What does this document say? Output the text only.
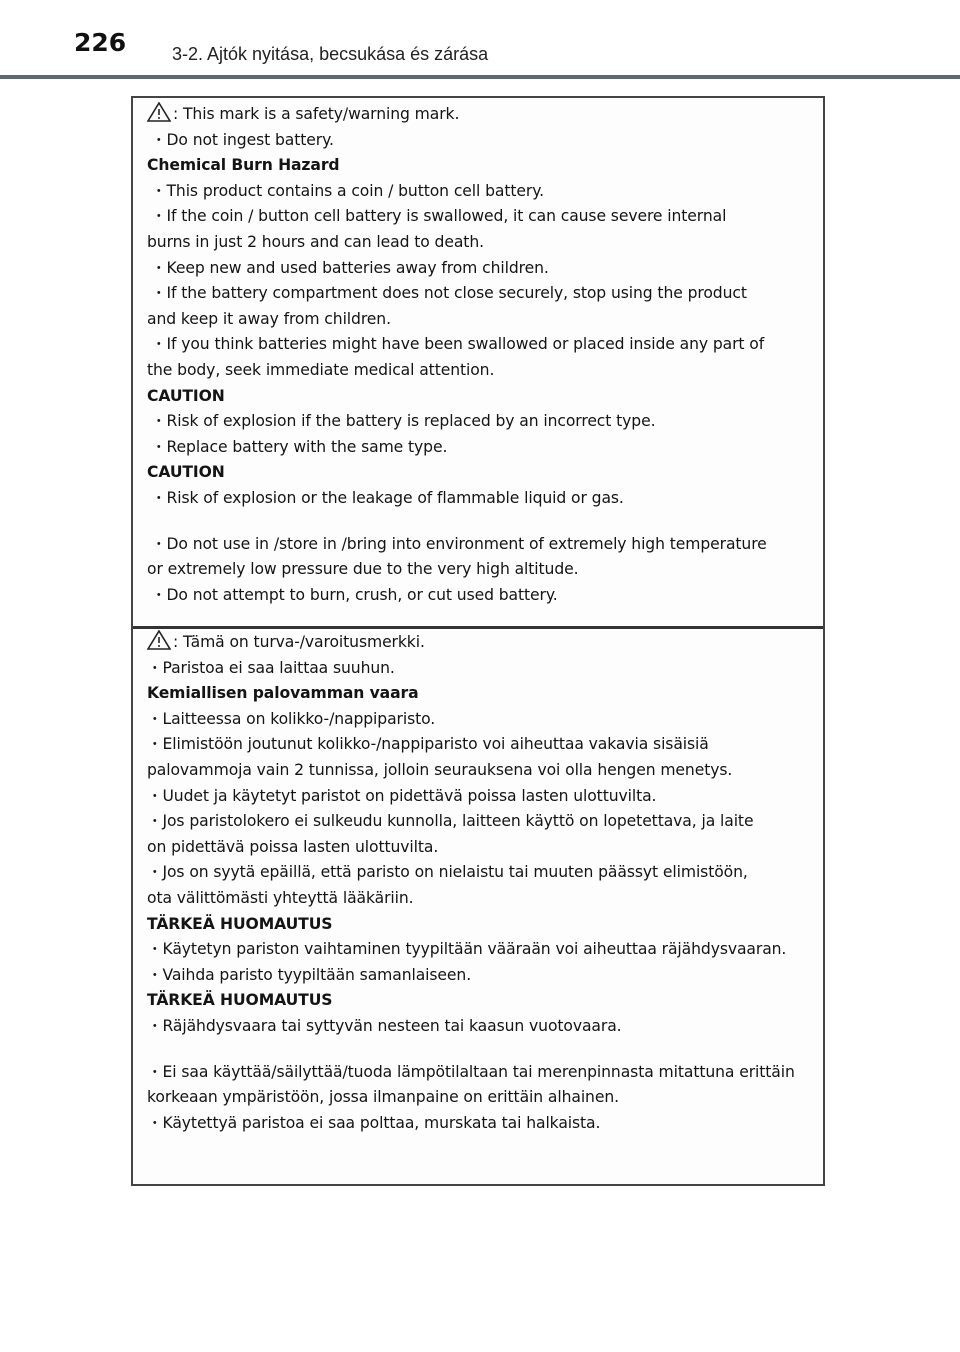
226	3-2. Ajtók nyitása, becsukása és zárása
: This mark is a safety/warning mark.
・Do not ingest battery.
Chemical Burn Hazard
・This product contains a coin / button cell battery.
・If the coin / button cell battery is swallowed, it can cause severe internal
burns in just 2 hours and can lead to death.
・Keep new and used batteries away from children.
・If the battery compartment does not close securely, stop using the product
and keep it away from children.
・If you think batteries might have been swallowed or placed inside any part of
the body, seek immediate medical attention.
CAUTION
・Risk of explosion if the battery is replaced by an incorrect type.
・Replace battery with the same type.
CAUTION
・Risk of explosion or the leakage of flammable liquid or gas.
・Do not use in /store in /bring into environment of extremely high temperature
or extremely low pressure due to the very high altitude.
・Do not attempt to burn, crush, or cut used battery.
: Tämä on turva-/varoitusmerkki.
・Paristoa ei saa laittaa suuhun.
Kemiallisen palovamman vaara
・Laitteessa on kolikko-/nappiparisto.
・Elimistöön joutunut kolikko-/nappiparisto voi aiheuttaa vakavia sisäisiä
palovammoja vain 2 tunnissa, jolloin seurauksena voi olla hengen menetys.
・Uudet ja käytetyt paristot on pidettävä poissa lasten ulottuvilta.
・Jos paristolokero ei sulkeudu kunnolla, laitteen käyttö on lopetettava, ja laite
on pidettävä poissa lasten ulottuvilta.
・Jos on syytä epäillä, että paristo on nielaistu tai muuten päässyt elimistöön,
ota välittömästi yhteyttä lääkäriin.
TÄRKEÄ HUOMAUTUS
・Käytetyn pariston vaihtaminen tyypiltään vääraän voi aiheuttaa räjähdysvaaran.
・Vaihda paristo tyypiltään samanlaiseen.
TÄRKEÄ HUOMAUTUS
・Räjähdysvaara tai syttyvän nesteen tai kaasun vuotovaara.
・Ei saa käyttää/säilyttää/tuoda lämpötilaltaan tai merenpinnasta mitattuna erittäin
korkeaan ympäristöön, jossa ilmanpaine on erittäin alhainen.
・Käytettyä paristoa ei saa polttaa, murskata tai halkaista.
